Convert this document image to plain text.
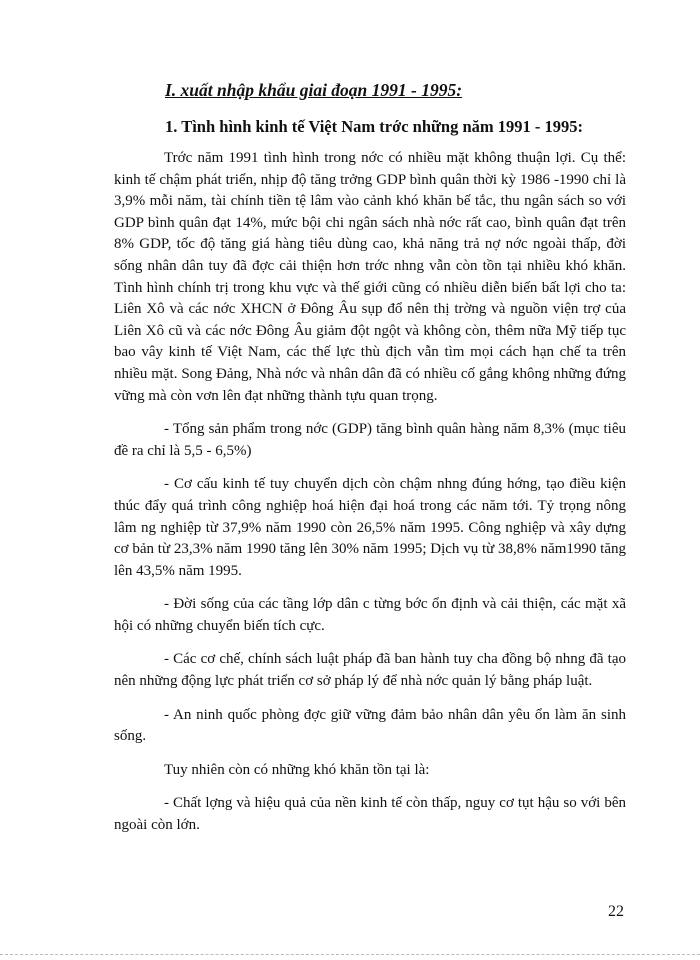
I. xuất nhập khẩu giai đoạn 1991 - 1995:
1. Tình hình kinh tế Việt Nam trớc những năm 1991 - 1995:

Trớc năm 1991 tình hình trong nớc có nhiều mặt không thuận lợi. Cụ thể: kinh tế chậm phát triển, nhịp độ tăng trởng GDP bình quân thời kỳ 1986 -1990 chỉ là 3,9% mỗi năm, tài chính tiền tệ lâm vào cảnh khó khăn bế tắc, thu ngân sách so với GDP bình quân đạt 14%, mức bội chi ngân sách nhà nớc rất cao, bình quân đạt trên 8% GDP, tốc độ tăng giá hàng tiêu dùng cao, khả năng trả nợ nớc ngoài thấp, đời sống nhân dân tuy đã đợc cải thiện hơn trớc nhng vẫn còn tồn tại nhiều khó khăn. Tình hình chính trị trong khu vực và thế giới cũng có nhiều diễn biến bất lợi cho ta: Liên Xô và các nớc XHCN ở Đông Âu sụp đổ nên thị trờng và nguồn viện trợ của Liên Xô cũ và các nớc Đông Âu giảm đột ngột và không còn, thêm nữa Mỹ tiếp tục bao vây kinh tế Việt Nam, các thế lực thù địch vẫn tìm mọi cách hạn chế ta trên nhiều mặt. Song Đảng, Nhà nớc và nhân dân đã có nhiều cố gắng không những đứng vững mà còn vơn lên đạt những thành tựu quan trọng.

- Tổng sản phẩm trong nớc (GDP) tăng bình quân hàng năm 8,3% (mục tiêu đề ra chỉ là 5,5 - 6,5%)

- Cơ cấu kinh tế tuy chuyển dịch còn chậm nhng đúng hớng, tạo điều kiện thúc đẩy quá trình công nghiệp hoá hiện đại hoá trong các năm tới. Tỷ trọng nông lâm ng nghiệp từ 37,9% năm 1990 còn 26,5% năm 1995. Công nghiệp và xây dựng cơ bản từ 23,3% năm 1990 tăng lên 30% năm 1995; Dịch vụ từ 38,8% năm1990 tăng lên 43,5% năm 1995.

- Đời sống của các tầng lớp dân c từng bớc ổn định và cải thiện, các mặt xã hội có những chuyển biến tích cực.

- Các cơ chế, chính sách luật pháp đã ban hành tuy cha đồng bộ nhng đã tạo nên những động lực phát triển cơ sở pháp lý để nhà nớc quản lý bằng pháp luật.

- An ninh quốc phòng đợc giữ vững đảm bảo nhân dân yêu ổn làm ăn sinh sống.

Tuy nhiên còn có những khó khăn tồn tại là:

- Chất lợng và hiệu quả của nền kinh tế còn thấp, nguy cơ tụt hậu so với bên ngoài còn lớn.

22
